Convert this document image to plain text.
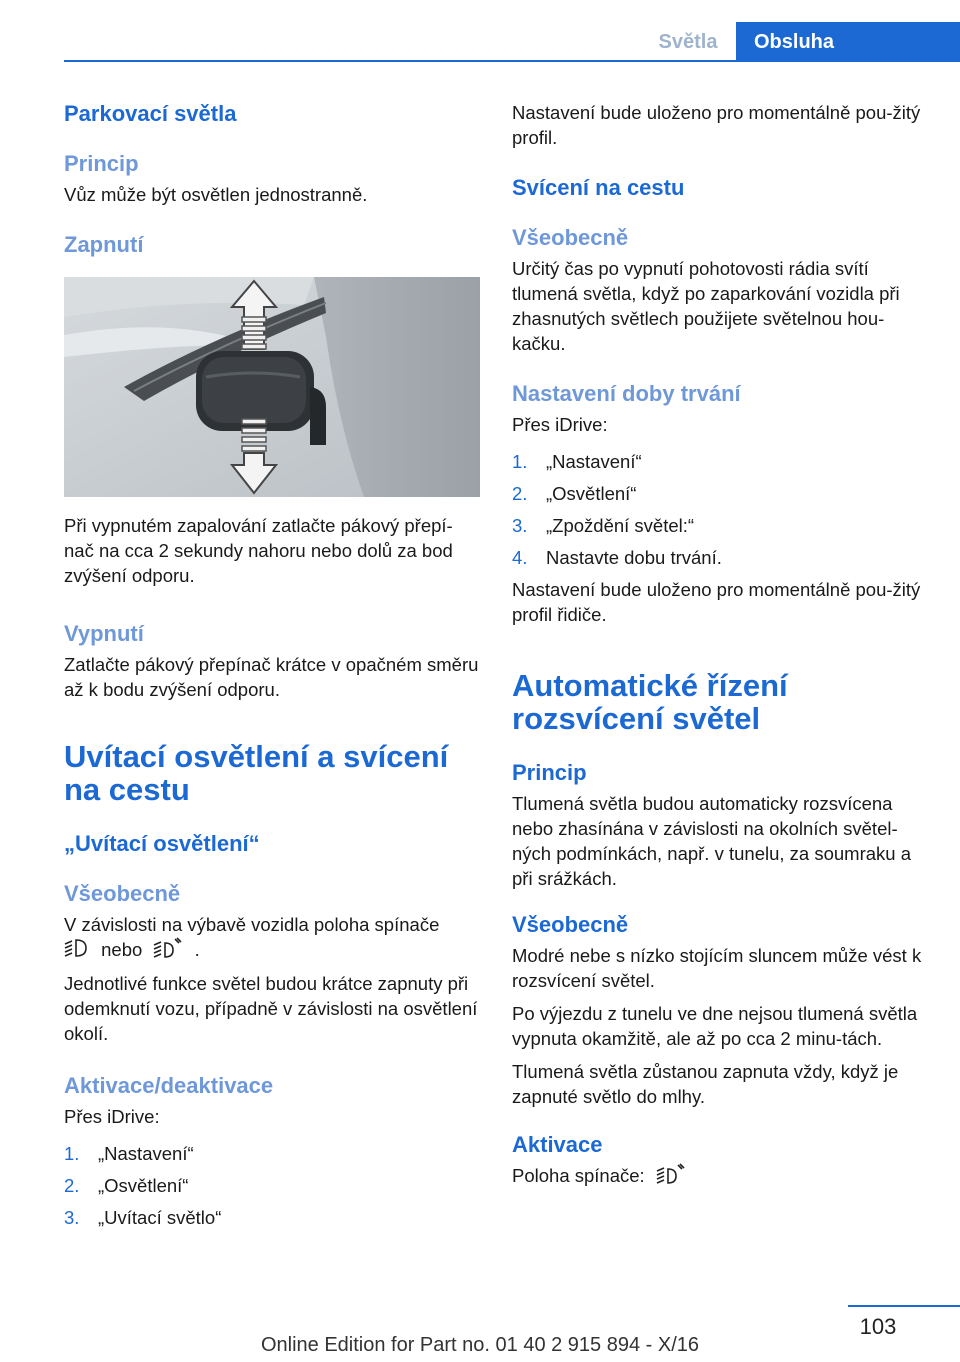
Světla	Obsluha
Parkovací světla
Princip

Vůz může být osvětlen jednostranně.

Zapnutí

Při vypnutém zapalování zatlačte pákový přepí‐nač na cca 2 sekundy nahoru nebo dolů za bod zvýšení odporu.

Vypnutí

Zatlačte pákový přepínač krátce v opačném směru až k bodu zvýšení odporu.

Uvítací osvětlení a svícení na cestu
„Uvítací osvětlení“
Všeobecně

V závislosti na výbavě vozidla poloha spínače
nebo	.

Jednotlivé funkce světel budou krátce zapnuty při odemknutí vozu, případně v závislosti na osvětlení okolí.

Aktivace/deaktivace

Přes iDrive:

1.	„Nastavení“
2.	„Osvětlení“
3.	„Uvítací světlo“

Nastavení bude uloženo pro momentálně pou‐žitý profil.

Svícení na cestu
Všeobecně

Určitý čas po vypnutí pohotovosti rádia svítí tlumená světla, když po zaparkování vozidla při zhasnutých světlech použijete světelnou hou‐kačku.

Nastavení doby trvání

Přes iDrive:

1.	„Nastavení“
2.	„Osvětlení“
3.	„Zpoždění světel:“
4.	Nastavte dobu trvání.

Nastavení bude uloženo pro momentálně pou‐žitý profil řidiče.

Automatické řízení rozsvícení světel
Princip

Tlumená světla budou automaticky rozsvícena nebo zhasínána v závislosti na okolních světel‐ných podmínkách, např. v tunelu, za soumraku a při srážkách.

Všeobecně

Modré nebe s nízko stojícím sluncem může vést k rozsvícení světel.

Po výjezdu z tunelu ve dne nejsou tlumená světla vypnuta okamžitě, ale až po cca 2 minu‐tách.

Tlumená světla zůstanou zapnuta vždy, když je zapnuté světlo do mlhy.

Aktivace

Poloha spínače:

103
Online Edition for Part no. 01 40 2 915 894 - X/16
